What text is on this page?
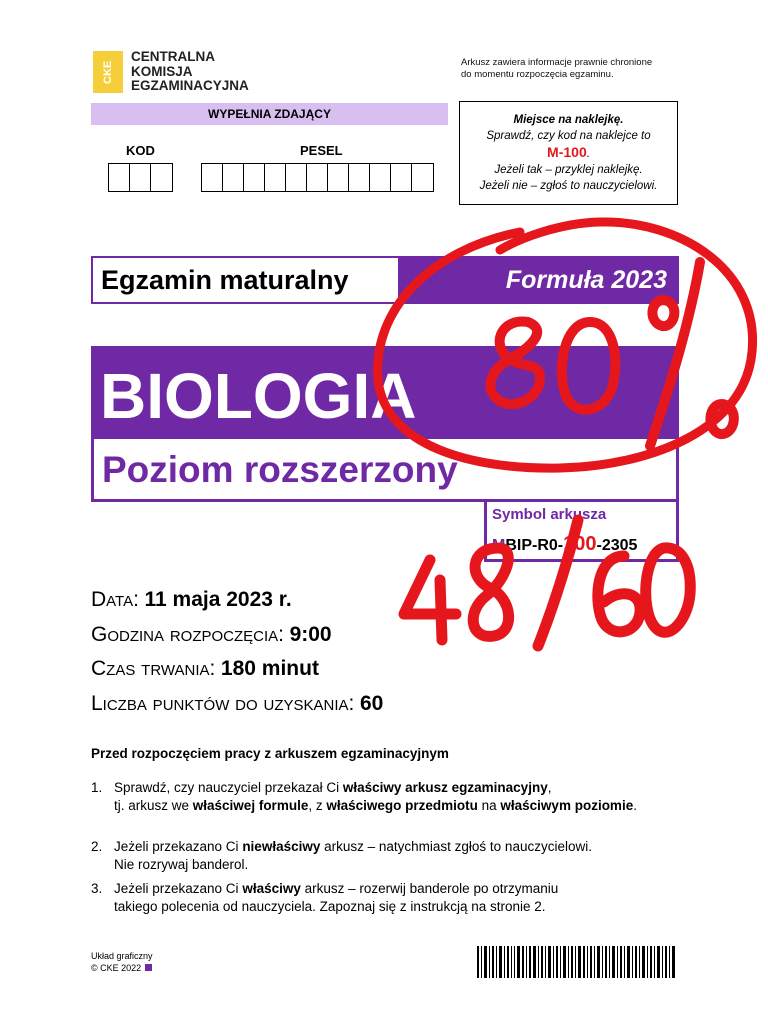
CKE
CENTRALNA
KOMISJA
EGZAMINACYJNA
Arkusz zawiera informacje prawnie chronione
do momentu rozpoczęcia egzaminu.
WYPEŁNIA ZDAJĄCY
KOD	PESEL
Miejsce na naklejkę.
Sprawdź, czy kod na naklejce to
M-100.
Jeżeli tak – przyklej naklejkę.
Jeżeli nie – zgłoś to nauczycielowi.
Egzamin maturalny	Formuła 2023
BIOLOGIA
Poziom rozszerzony
Symbol arkusza
MBIP-R0-100-2305
Data: 11 maja 2023 r.
Godzina rozpoczęcia: 9:00
Czas trwania: 180 minut
Liczba punktów do uzyskania: 60
Przed rozpoczęciem pracy z arkuszem egzaminacyjnym
1. Sprawdź, czy nauczyciel przekazał Ci właściwy arkusz egzaminacyjny,
tj. arkusz we właściwej formule, z właściwego przedmiotu na właściwym poziomie.
2. Jeżeli przekazano Ci niewłaściwy arkusz – natychmiast zgłoś to nauczycielowi.
Nie rozrywaj banderol.
3. Jeżeli przekazano Ci właściwy arkusz – rozerwij banderole po otrzymaniu
takiego polecenia od nauczyciela. Zapoznaj się z instrukcją na stronie 2.
Układ graficzny
© CKE 2022
